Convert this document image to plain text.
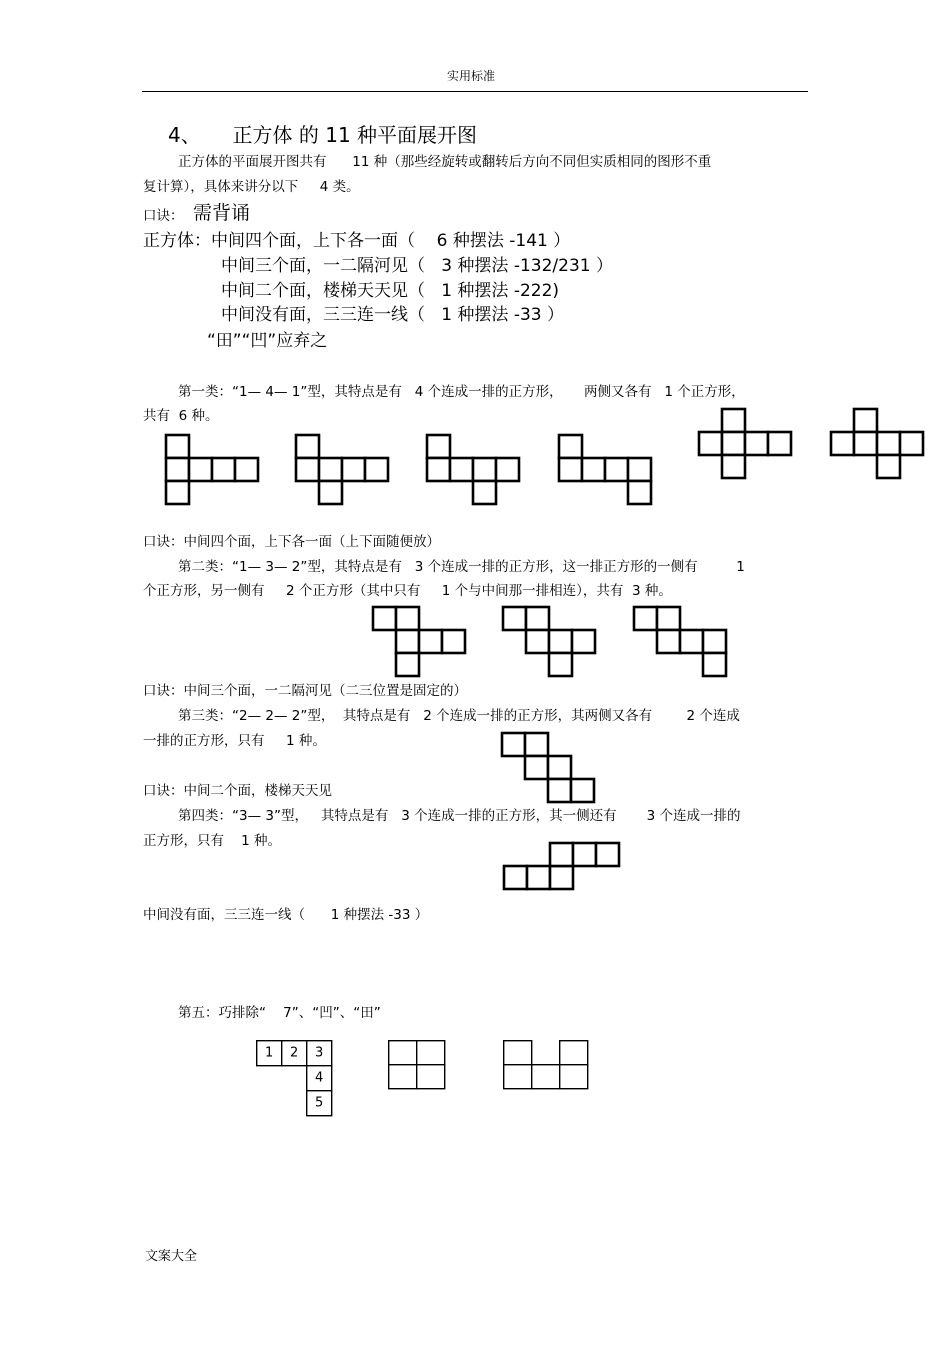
实用标准
文案大全
4、     正方体 的 11 种平面展开图
正方体的平面展开图共有      11 种（那些经旋转或翻转后方向不同但实质相同的图形不重
复计算），具体来讲分以下     4 类。
口诀： 需背诵
正方体：中间四个面，上下各一面（    6 种摆法 -141 ）
中间三个面，一二隔河见（   3 种摆法 -132/231 ）
中间二个面，楼梯天天见（   1 种摆法 -222)
中间没有面，三三连一线（   1 种摆法 -33 ）
“田”“凹”应弃之
第一类：“1— 4— 1”型，其特点是有   4 个连成一排的正方形，     两侧又各有   1 个正方形，
共有  6 种。
口诀：中间四个面，上下各一面（上下面随便放）
第二类：“1— 3— 2”型，其特点是有   3 个连成一排的正方形，这一排正方形的一侧有         1
个正方形，另一侧有     2 个正方形（其中只有     1 个与中间那一排相连），共有  3 种。
口诀：中间三个面，一二隔河见（二三位置是固定的）
第三类：“2— 2— 2”型，  其特点是有   2 个连成一排的正方形，其两侧又各有        2 个连成
一排的正方形，只有     1 种。
口诀：中间二个面，楼梯天天见
第四类：“3— 3”型，   其特点是有   3 个连成一排的正方形，其一侧还有       3 个连成一排的
正方形，只有    1 种。
中间没有面，三三连一线（      1 种摆法 -33 ）
第五：巧排除“    7”、“凹”、“田”
1 2 3
4
5
